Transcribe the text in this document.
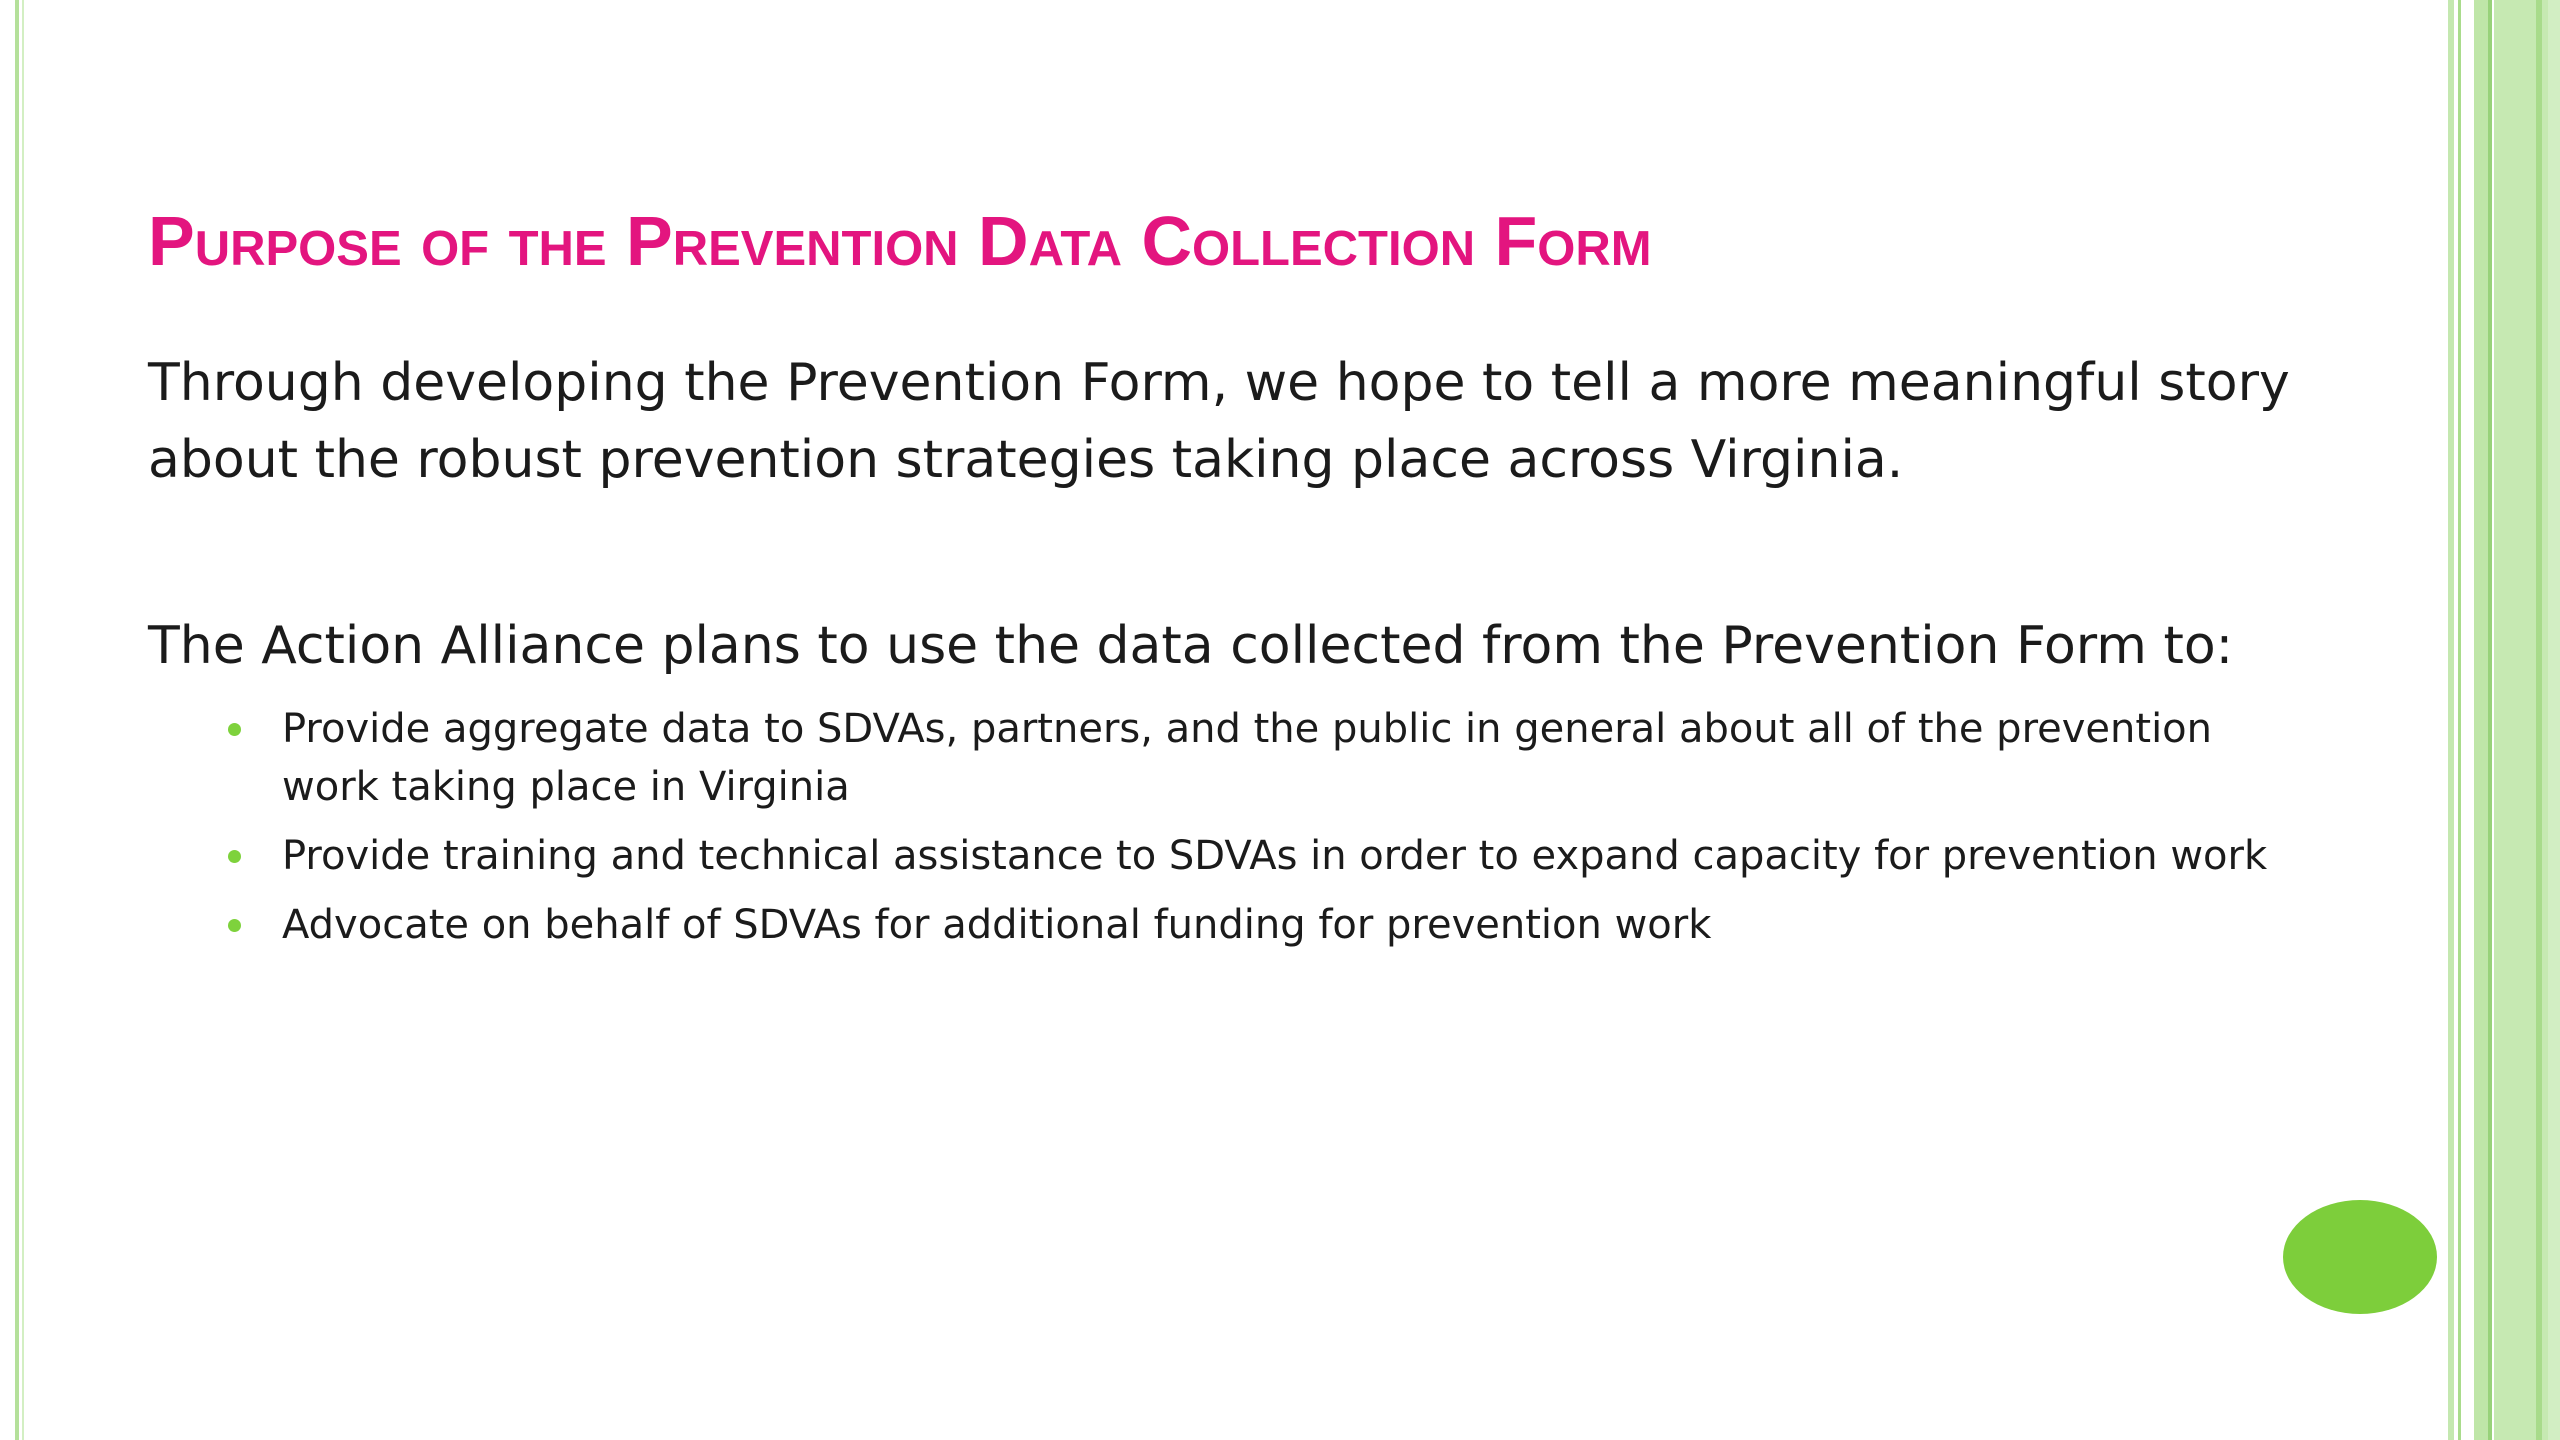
Purpose of the Prevention Data Collection Form

Through developing the Prevention Form, we hope to tell a more meaningful story about the robust prevention strategies taking place across Virginia.

The Action Alliance plans to use the data collected from the Prevention Form to:

Provide aggregate data to SDVAs, partners, and the public in general about all of the prevention work taking place in Virginia
Provide training and technical assistance to SDVAs in order to expand capacity for prevention work
Advocate on behalf of SDVAs for additional funding for prevention work
